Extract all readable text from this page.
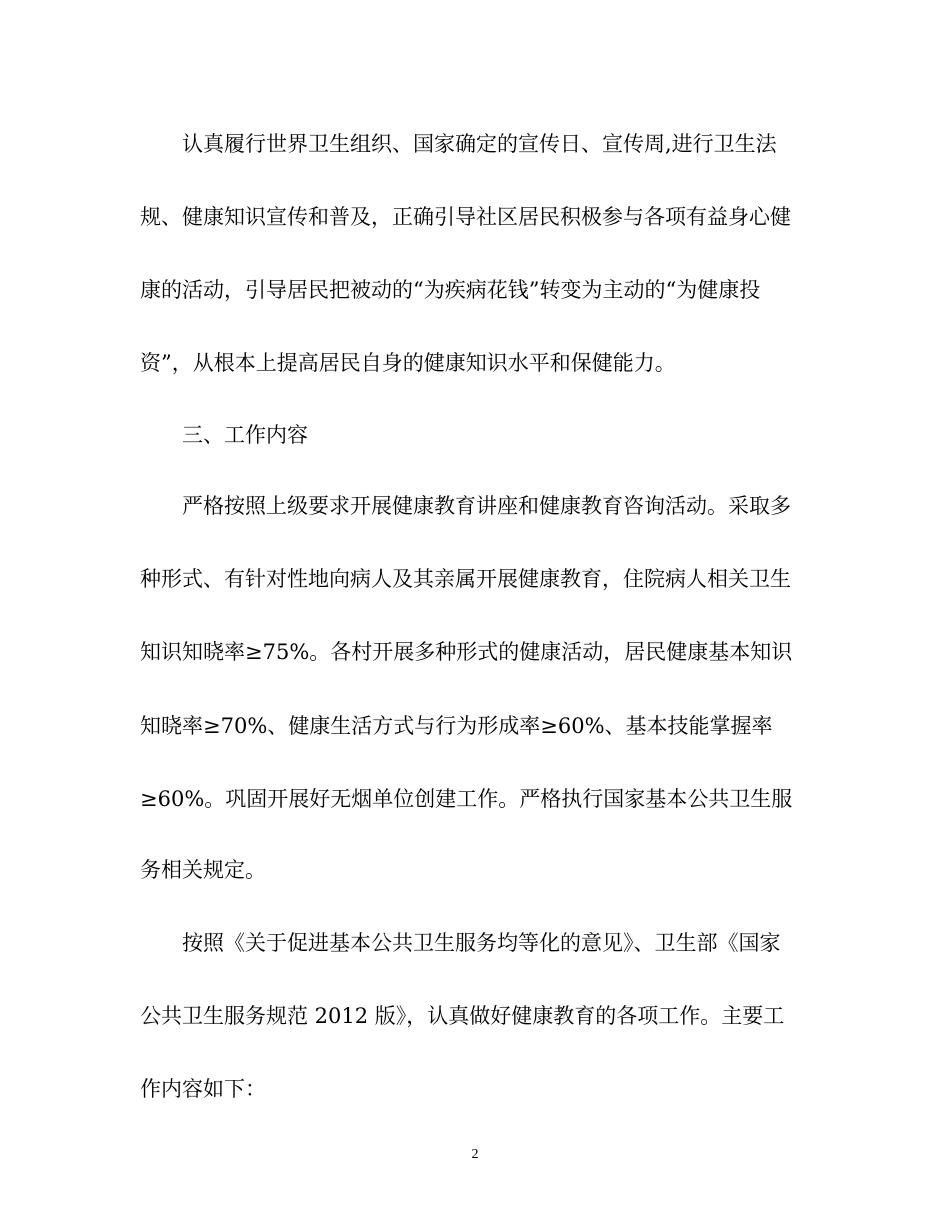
认真履行世界卫生组织、国家确定的宣传日、宣传周,进行卫生法
规、健康知识宣传和普及，正确引导社区居民积极参与各项有益身心健
康的活动，引导居民把被动的“为疾病花钱”转变为主动的“为健康投
资”，从根本上提高居民自身的健康知识水平和保健能力。
三、工作内容
严格按照上级要求开展健康教育讲座和健康教育咨询活动。采取多
种形式、有针对性地向病人及其亲属开展健康教育，住院病人相关卫生
知识知晓率≥75%。各村开展多种形式的健康活动，居民健康基本知识
知晓率≥70%、健康生活方式与行为形成率≥60%、基本技能掌握率
≥60%。巩固开展好无烟单位创建工作。严格执行国家基本公共卫生服
务相关规定。
按照《关于促进基本公共卫生服务均等化的意见》、卫生部《国家
公共卫生服务规范 2012 版》，认真做好健康教育的各项工作。主要工
作内容如下：
2
